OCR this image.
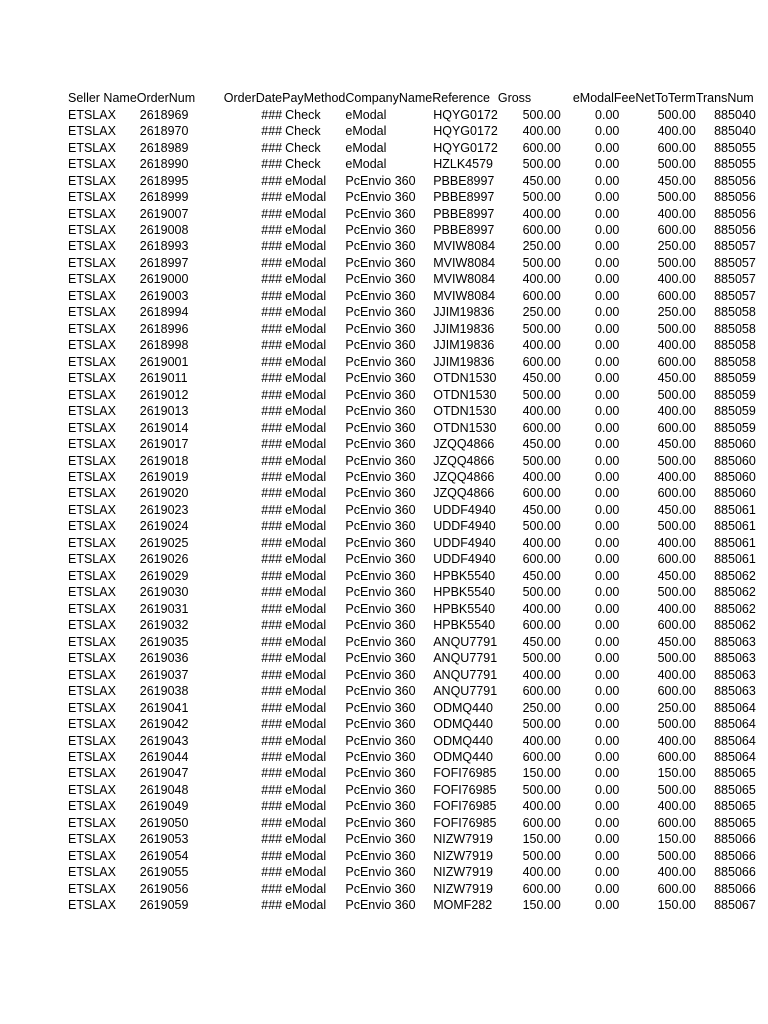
Seller Name	OrderNum	OrderDate	PayMethod	CompanyName	Reference	Gross	eModalFee	NetToTerm	TransNum
ETSLAX	2618969	###	Check	eModal	HQYG0172	500.00	0.00	500.00	885040
ETSLAX	2618970	###	Check	eModal	HQYG0172	400.00	0.00	400.00	885040
ETSLAX	2618989	###	Check	eModal	HQYG0172	600.00	0.00	600.00	885055
ETSLAX	2618990	###	Check	eModal	HZLK4579	500.00	0.00	500.00	885055
ETSLAX	2618995	###	eModal	PcEnvio 360	PBBE8997	450.00	0.00	450.00	885056
ETSLAX	2618999	###	eModal	PcEnvio 360	PBBE8997	500.00	0.00	500.00	885056
ETSLAX	2619007	###	eModal	PcEnvio 360	PBBE8997	400.00	0.00	400.00	885056
ETSLAX	2619008	###	eModal	PcEnvio 360	PBBE8997	600.00	0.00	600.00	885056
ETSLAX	2618993	###	eModal	PcEnvio 360	MVIW8084	250.00	0.00	250.00	885057
ETSLAX	2618997	###	eModal	PcEnvio 360	MVIW8084	500.00	0.00	500.00	885057
ETSLAX	2619000	###	eModal	PcEnvio 360	MVIW8084	400.00	0.00	400.00	885057
ETSLAX	2619003	###	eModal	PcEnvio 360	MVIW8084	600.00	0.00	600.00	885057
ETSLAX	2618994	###	eModal	PcEnvio 360	JJIM19836	250.00	0.00	250.00	885058
ETSLAX	2618996	###	eModal	PcEnvio 360	JJIM19836	500.00	0.00	500.00	885058
ETSLAX	2618998	###	eModal	PcEnvio 360	JJIM19836	400.00	0.00	400.00	885058
ETSLAX	2619001	###	eModal	PcEnvio 360	JJIM19836	600.00	0.00	600.00	885058
ETSLAX	2619011	###	eModal	PcEnvio 360	OTDN1530	450.00	0.00	450.00	885059
ETSLAX	2619012	###	eModal	PcEnvio 360	OTDN1530	500.00	0.00	500.00	885059
ETSLAX	2619013	###	eModal	PcEnvio 360	OTDN1530	400.00	0.00	400.00	885059
ETSLAX	2619014	###	eModal	PcEnvio 360	OTDN1530	600.00	0.00	600.00	885059
ETSLAX	2619017	###	eModal	PcEnvio 360	JZQQ4866	450.00	0.00	450.00	885060
ETSLAX	2619018	###	eModal	PcEnvio 360	JZQQ4866	500.00	0.00	500.00	885060
ETSLAX	2619019	###	eModal	PcEnvio 360	JZQQ4866	400.00	0.00	400.00	885060
ETSLAX	2619020	###	eModal	PcEnvio 360	JZQQ4866	600.00	0.00	600.00	885060
ETSLAX	2619023	###	eModal	PcEnvio 360	UDDF4940	450.00	0.00	450.00	885061
ETSLAX	2619024	###	eModal	PcEnvio 360	UDDF4940	500.00	0.00	500.00	885061
ETSLAX	2619025	###	eModal	PcEnvio 360	UDDF4940	400.00	0.00	400.00	885061
ETSLAX	2619026	###	eModal	PcEnvio 360	UDDF4940	600.00	0.00	600.00	885061
ETSLAX	2619029	###	eModal	PcEnvio 360	HPBK5540	450.00	0.00	450.00	885062
ETSLAX	2619030	###	eModal	PcEnvio 360	HPBK5540	500.00	0.00	500.00	885062
ETSLAX	2619031	###	eModal	PcEnvio 360	HPBK5540	400.00	0.00	400.00	885062
ETSLAX	2619032	###	eModal	PcEnvio 360	HPBK5540	600.00	0.00	600.00	885062
ETSLAX	2619035	###	eModal	PcEnvio 360	ANQU7791	450.00	0.00	450.00	885063
ETSLAX	2619036	###	eModal	PcEnvio 360	ANQU7791	500.00	0.00	500.00	885063
ETSLAX	2619037	###	eModal	PcEnvio 360	ANQU7791	400.00	0.00	400.00	885063
ETSLAX	2619038	###	eModal	PcEnvio 360	ANQU7791	600.00	0.00	600.00	885063
ETSLAX	2619041	###	eModal	PcEnvio 360	ODMQ440	250.00	0.00	250.00	885064
ETSLAX	2619042	###	eModal	PcEnvio 360	ODMQ440	500.00	0.00	500.00	885064
ETSLAX	2619043	###	eModal	PcEnvio 360	ODMQ440	400.00	0.00	400.00	885064
ETSLAX	2619044	###	eModal	PcEnvio 360	ODMQ440	600.00	0.00	600.00	885064
ETSLAX	2619047	###	eModal	PcEnvio 360	FOFI76985	150.00	0.00	150.00	885065
ETSLAX	2619048	###	eModal	PcEnvio 360	FOFI76985	500.00	0.00	500.00	885065
ETSLAX	2619049	###	eModal	PcEnvio 360	FOFI76985	400.00	0.00	400.00	885065
ETSLAX	2619050	###	eModal	PcEnvio 360	FOFI76985	600.00	0.00	600.00	885065
ETSLAX	2619053	###	eModal	PcEnvio 360	NIZW7919	150.00	0.00	150.00	885066
ETSLAX	2619054	###	eModal	PcEnvio 360	NIZW7919	500.00	0.00	500.00	885066
ETSLAX	2619055	###	eModal	PcEnvio 360	NIZW7919	400.00	0.00	400.00	885066
ETSLAX	2619056	###	eModal	PcEnvio 360	NIZW7919	600.00	0.00	600.00	885066
ETSLAX	2619059	###	eModal	PcEnvio 360	MOMF282	150.00	0.00	150.00	885067
